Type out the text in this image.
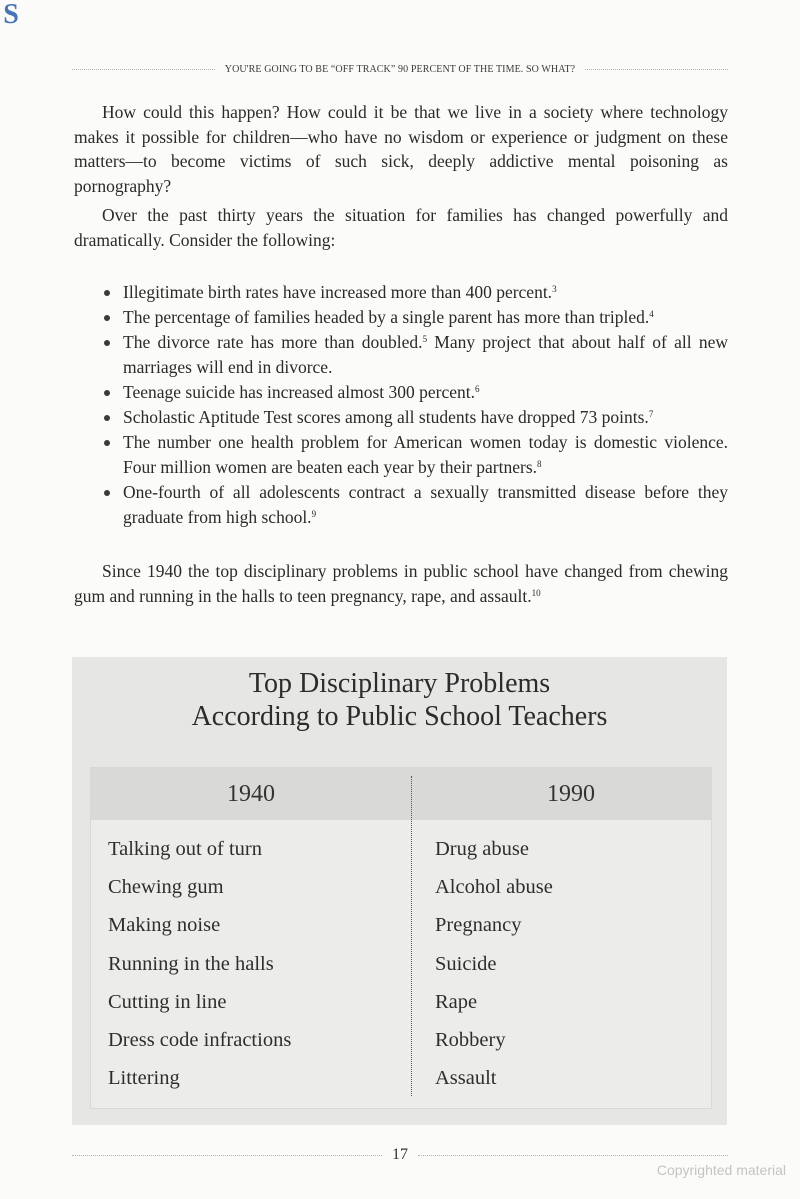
S
YOU'RE GOING TO BE “OFF TRACK” 90 PERCENT OF THE TIME. SO WHAT?

How could this happen? How could it be that we live in a society where technology makes it possible for children—who have no wisdom or experience or judgment on these matters—to become victims of such sick, deeply addictive mental poisoning as pornography?

Over the past thirty years the situation for families has changed powerfully and dramatically. Consider the following:

Illegitimate birth rates have increased more than 400 percent.$^3$
The percentage of families headed by a single parent has more than tripled.$^4$
The divorce rate has more than doubled.$^5$ Many project that about half of all new marriages will end in divorce.
Teenage suicide has increased almost 300 percent.$^6$
Scholastic Aptitude Test scores among all students have dropped 73 points.$^7$
The number one health problem for American women today is domestic violence. Four million women are beaten each year by their partners.$^8$
One-fourth of all adolescents contract a sexually transmitted disease before they graduate from high school.$^9$

Since 1940 the top disciplinary problems in public school have changed from chewing gum and running in the halls to teen pregnancy, rape, and assault.$^{10}$

Top Disciplinary Problems
According to Public School Teachers
1940	1990
Talking out of turn
Chewing gum
Making noise
Running in the halls
Cutting in line
Dress code infractions
Littering
Drug abuse
Alcohol abuse
Pregnancy
Suicide
Rape
Robbery
Assault
17
Copyrighted material
